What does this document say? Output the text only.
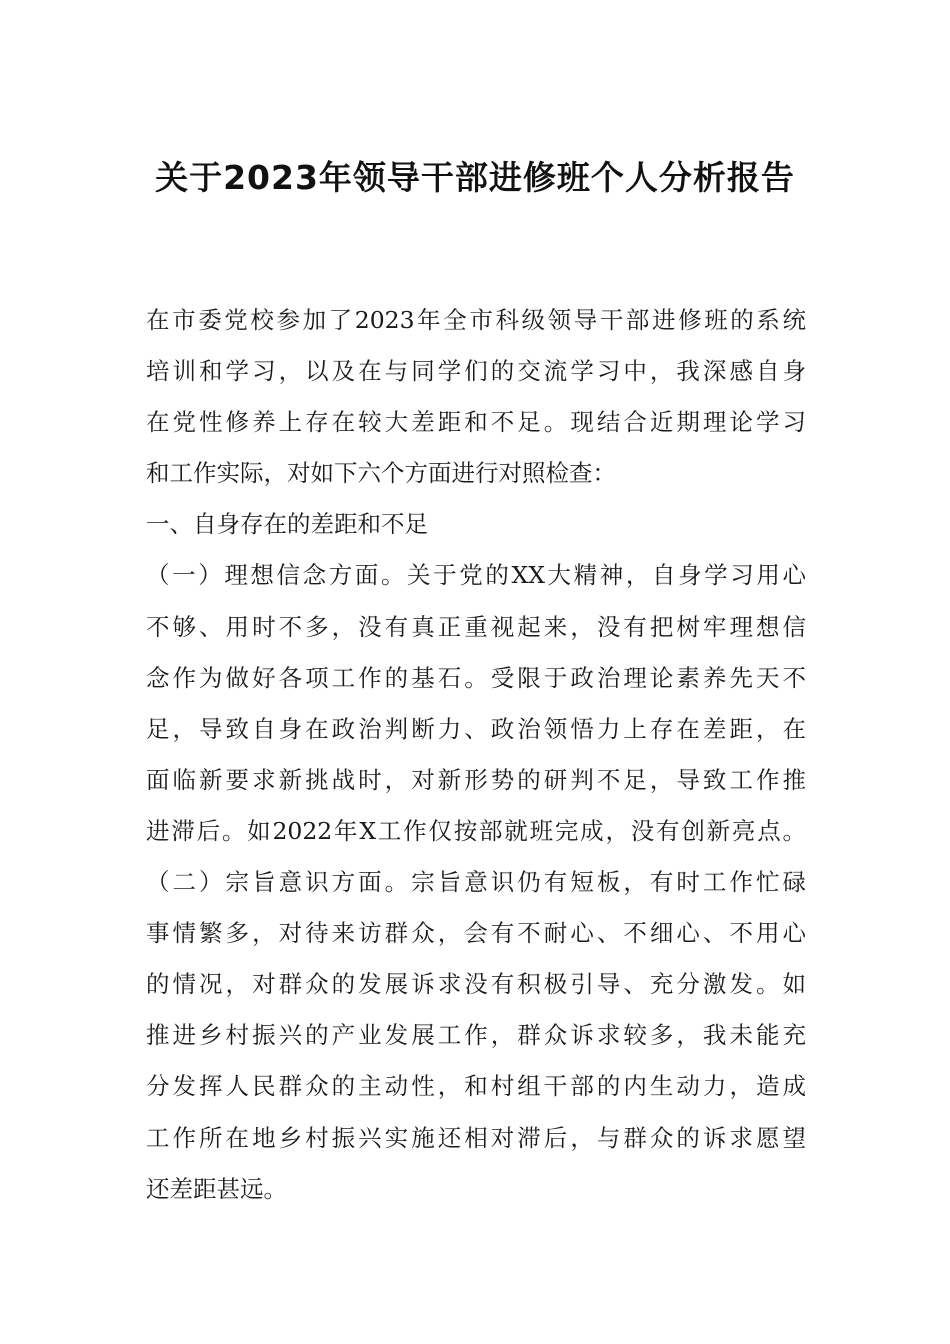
关于2023年领导干部进修班个人分析报告
在市委党校参加了2023年全市科级领导干部进修班的系统
培训和学习，以及在与同学们的交流学习中，我深感自身
在党性修养上存在较大差距和不足。现结合近期理论学习
和工作实际，对如下六个方面进行对照检查：
一、自身存在的差距和不足
（一）理想信念方面。关于党的XX大精神，自身学习用心
不够、用时不多，没有真正重视起来，没有把树牢理想信
念作为做好各项工作的基石。受限于政治理论素养先天不
足，导致自身在政治判断力、政治领悟力上存在差距，在
面临新要求新挑战时，对新形势的研判不足，导致工作推
进滞后。如2022年X工作仅按部就班完成，没有创新亮点。
（二）宗旨意识方面。宗旨意识仍有短板，有时工作忙碌
事情繁多，对待来访群众，会有不耐心、不细心、不用心
的情况，对群众的发展诉求没有积极引导、充分激发。如
推进乡村振兴的产业发展工作，群众诉求较多，我未能充
分发挥人民群众的主动性，和村组干部的内生动力，造成
工作所在地乡村振兴实施还相对滞后，与群众的诉求愿望
还差距甚远。
